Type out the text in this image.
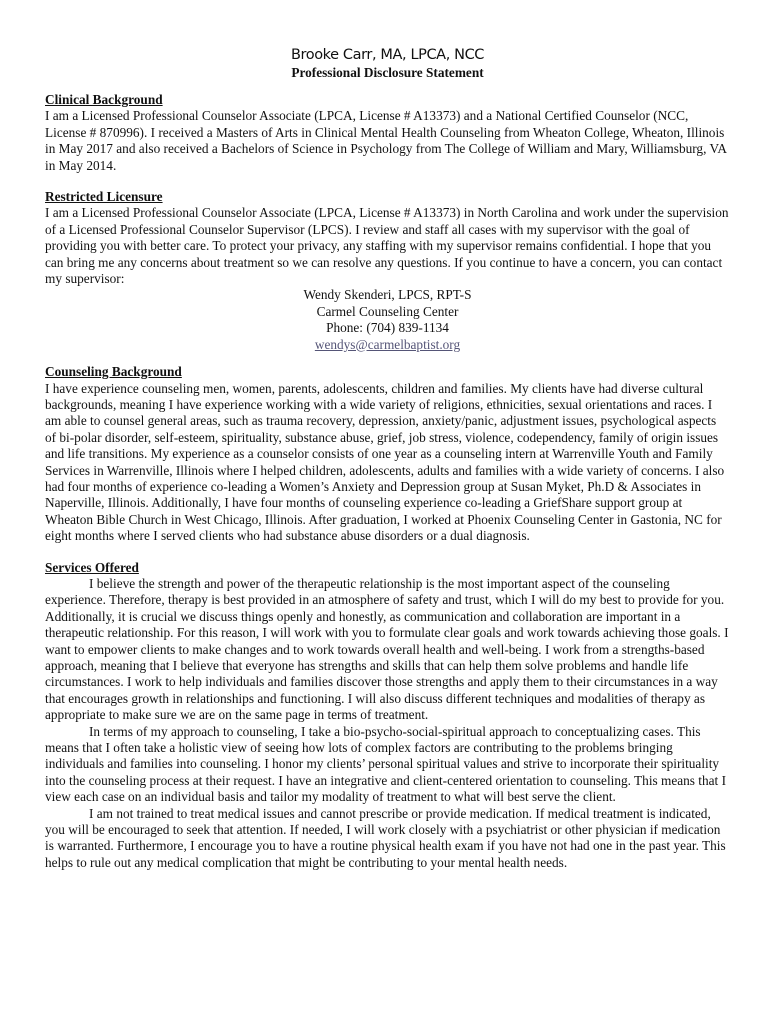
Brooke Carr, MA, LPCA, NCC
Professional Disclosure Statement
Clinical Background

I am a Licensed Professional Counselor Associate (LPCA, License # A13373) and a National Certified Counselor (NCC, License # 870996). I received a Masters of Arts in Clinical Mental Health Counseling from Wheaton College, Wheaton, Illinois in May 2017 and also received a Bachelors of Science in Psychology from The College of William and Mary, Williamsburg, VA in May 2014.

Restricted Licensure

I am a Licensed Professional Counselor Associate (LPCA, License # A13373) in North Carolina and work under the supervision of a Licensed Professional Counselor Supervisor (LPCS). I review and staff all cases with my supervisor with the goal of providing you with better care. To protect your privacy, any staffing with my supervisor remains confidential. I hope that you can bring me any concerns about treatment so we can resolve any questions. If you continue to have a concern, you can contact my supervisor:

Wendy Skenderi, LPCS, RPT-S
Carmel Counseling Center
Phone: (704) 839-1134
wendys@carmelbaptist.org
Counseling Background

I have experience counseling men, women, parents, adolescents, children and families. My clients have had diverse cultural backgrounds, meaning I have experience working with a wide variety of religions, ethnicities, sexual orientations and races. I am able to counsel general areas, such as trauma recovery, depression, anxiety/panic, adjustment issues, psychological aspects of bi-polar disorder, self-esteem, spirituality, substance abuse, grief, job stress, violence, codependency, family of origin issues and life transitions. My experience as a counselor consists of one year as a counseling intern at Warrenville Youth and Family Services in Warrenville, Illinois where I helped children, adolescents, adults and families with a wide variety of concerns. I also had four months of experience co-leading a Women’s Anxiety and Depression group at Susan Myket, Ph.D & Associates in Naperville, Illinois. Additionally, I have four months of counseling experience co-leading a GriefShare support group at Wheaton Bible Church in West Chicago, Illinois. After graduation, I worked at Phoenix Counseling Center in Gastonia, NC for eight months where I served clients who had substance abuse disorders or a dual diagnosis.

Services Offered

I believe the strength and power of the therapeutic relationship is the most important aspect of the counseling experience. Therefore, therapy is best provided in an atmosphere of safety and trust, which I will do my best to provide for you. Additionally, it is crucial we discuss things openly and honestly, as communication and collaboration are important in a therapeutic relationship. For this reason, I will work with you to formulate clear goals and work towards achieving those goals. I want to empower clients to make changes and to work towards overall health and well-being. I work from a strengths-based approach, meaning that I believe that everyone has strengths and skills that can help them solve problems and handle life circumstances. I work to help individuals and families discover those strengths and apply them to their circumstances in a way that encourages growth in relationships and functioning. I will also discuss different techniques and modalities of therapy as appropriate to make sure we are on the same page in terms of treatment.

In terms of my approach to counseling, I take a bio-psycho-social-spiritual approach to conceptualizing cases. This means that I often take a holistic view of seeing how lots of complex factors are contributing to the problems bringing individuals and families into counseling. I honor my clients’ personal spiritual values and strive to incorporate their spirituality into the counseling process at their request. I have an integrative and client-centered orientation to counseling. This means that I view each case on an individual basis and tailor my modality of treatment to what will best serve the client.

I am not trained to treat medical issues and cannot prescribe or provide medication. If medical treatment is indicated, you will be encouraged to seek that attention. If needed, I will work closely with a psychiatrist or other physician if medication is warranted. Furthermore, I encourage you to have a routine physical health exam if you have not had one in the past year. This helps to rule out any medical complication that might be contributing to your mental health needs.
